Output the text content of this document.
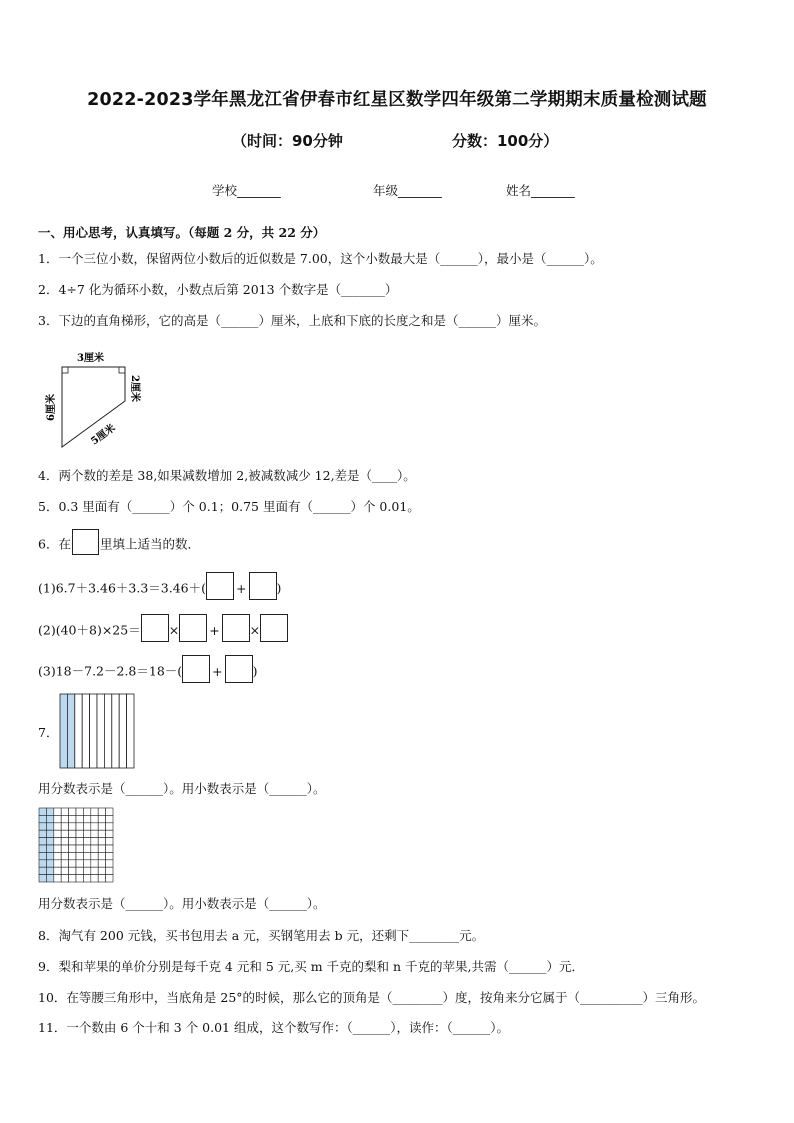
2022-2023学年黑龙江省伊春市红星区数学四年级第二学期期末质量检测试题
（时间：90分钟	分数：100分）
学校_______	年级_______	姓名_______
一、用心思考，认真填写。（每题 2 分，共 22 分）
1．一个三位小数，保留两位小数后的近似数是 7.00，这个小数最大是（______），最小是（______）。
2．4÷7 化为循环小数，小数点后第 2013 个数字是（_______）
3．下边的直角梯形，它的高是（______）厘米，上底和下底的长度之和是（______）厘米。
3厘米
6厘米
2厘米
5厘米
4．两个数的差是 38,如果减数增加 2,被减数减少 12,差是（____）。
5．0.3 里面有（______）个 0.1；0.75 里面有（______）个 0.01。
6．在 里填上适当的数．
(1)6.7＋3.46＋3.3＝3.46＋( + )
(2)(40＋8)×25＝ × + ×
(3)18－7.2－2.8＝18－( + )
7．
用分数表示是（______）。用小数表示是（______）。
用分数表示是（______）。用小数表示是（______）。
8．淘气有 200 元钱，买书包用去 a 元，买钢笔用去 b 元，还剩下________元。
9．梨和苹果的单价分别是每千克 4 元和 5 元,买 m 千克的梨和 n 千克的苹果,共需（______）元．
10．在等腰三角形中，当底角是 25°的时候，那么它的顶角是（________）度，按角来分它属于（__________）三角形。
11．一个数由 6 个十和 3 个 0.01 组成，这个数写作：（______），读作：（______）。
